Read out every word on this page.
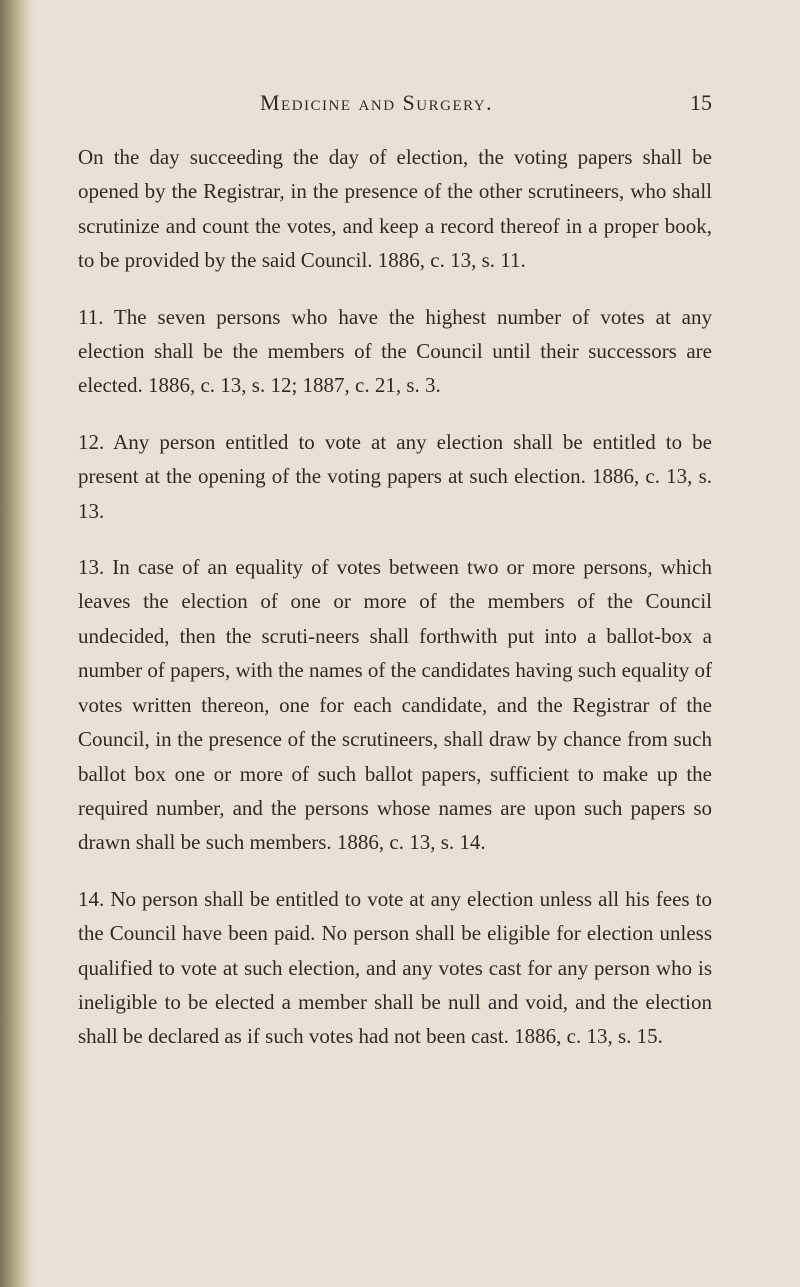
Medicine and Surgery.	15

On the day succeeding the day of election, the voting papers shall be opened by the Registrar, in the presence of the other scrutineers, who shall scrutinize and count the votes, and keep a record thereof in a proper book, to be provided by the said Council. 1886, c. 13, s. 11.

11. The seven persons who have the highest number of votes at any election shall be the members of the Council until their successors are elected. 1886, c. 13, s. 12; 1887, c. 21, s. 3.

12. Any person entitled to vote at any election shall be entitled to be present at the opening of the voting papers at such election. 1886, c. 13, s. 13.

13. In case of an equality of votes between two or more persons, which leaves the election of one or more of the members of the Council undecided, then the scruti-neers shall forthwith put into a ballot-box a number of papers, with the names of the candidates having such equality of votes written thereon, one for each candidate, and the Registrar of the Council, in the presence of the scrutineers, shall draw by chance from such ballot box one or more of such ballot papers, sufficient to make up the required number, and the persons whose names are upon such papers so drawn shall be such members. 1886, c. 13, s. 14.

14. No person shall be entitled to vote at any election unless all his fees to the Council have been paid. No person shall be eligible for election unless qualified to vote at such election, and any votes cast for any person who is ineligible to be elected a member shall be null and void, and the election shall be declared as if such votes had not been cast. 1886, c. 13, s. 15.
